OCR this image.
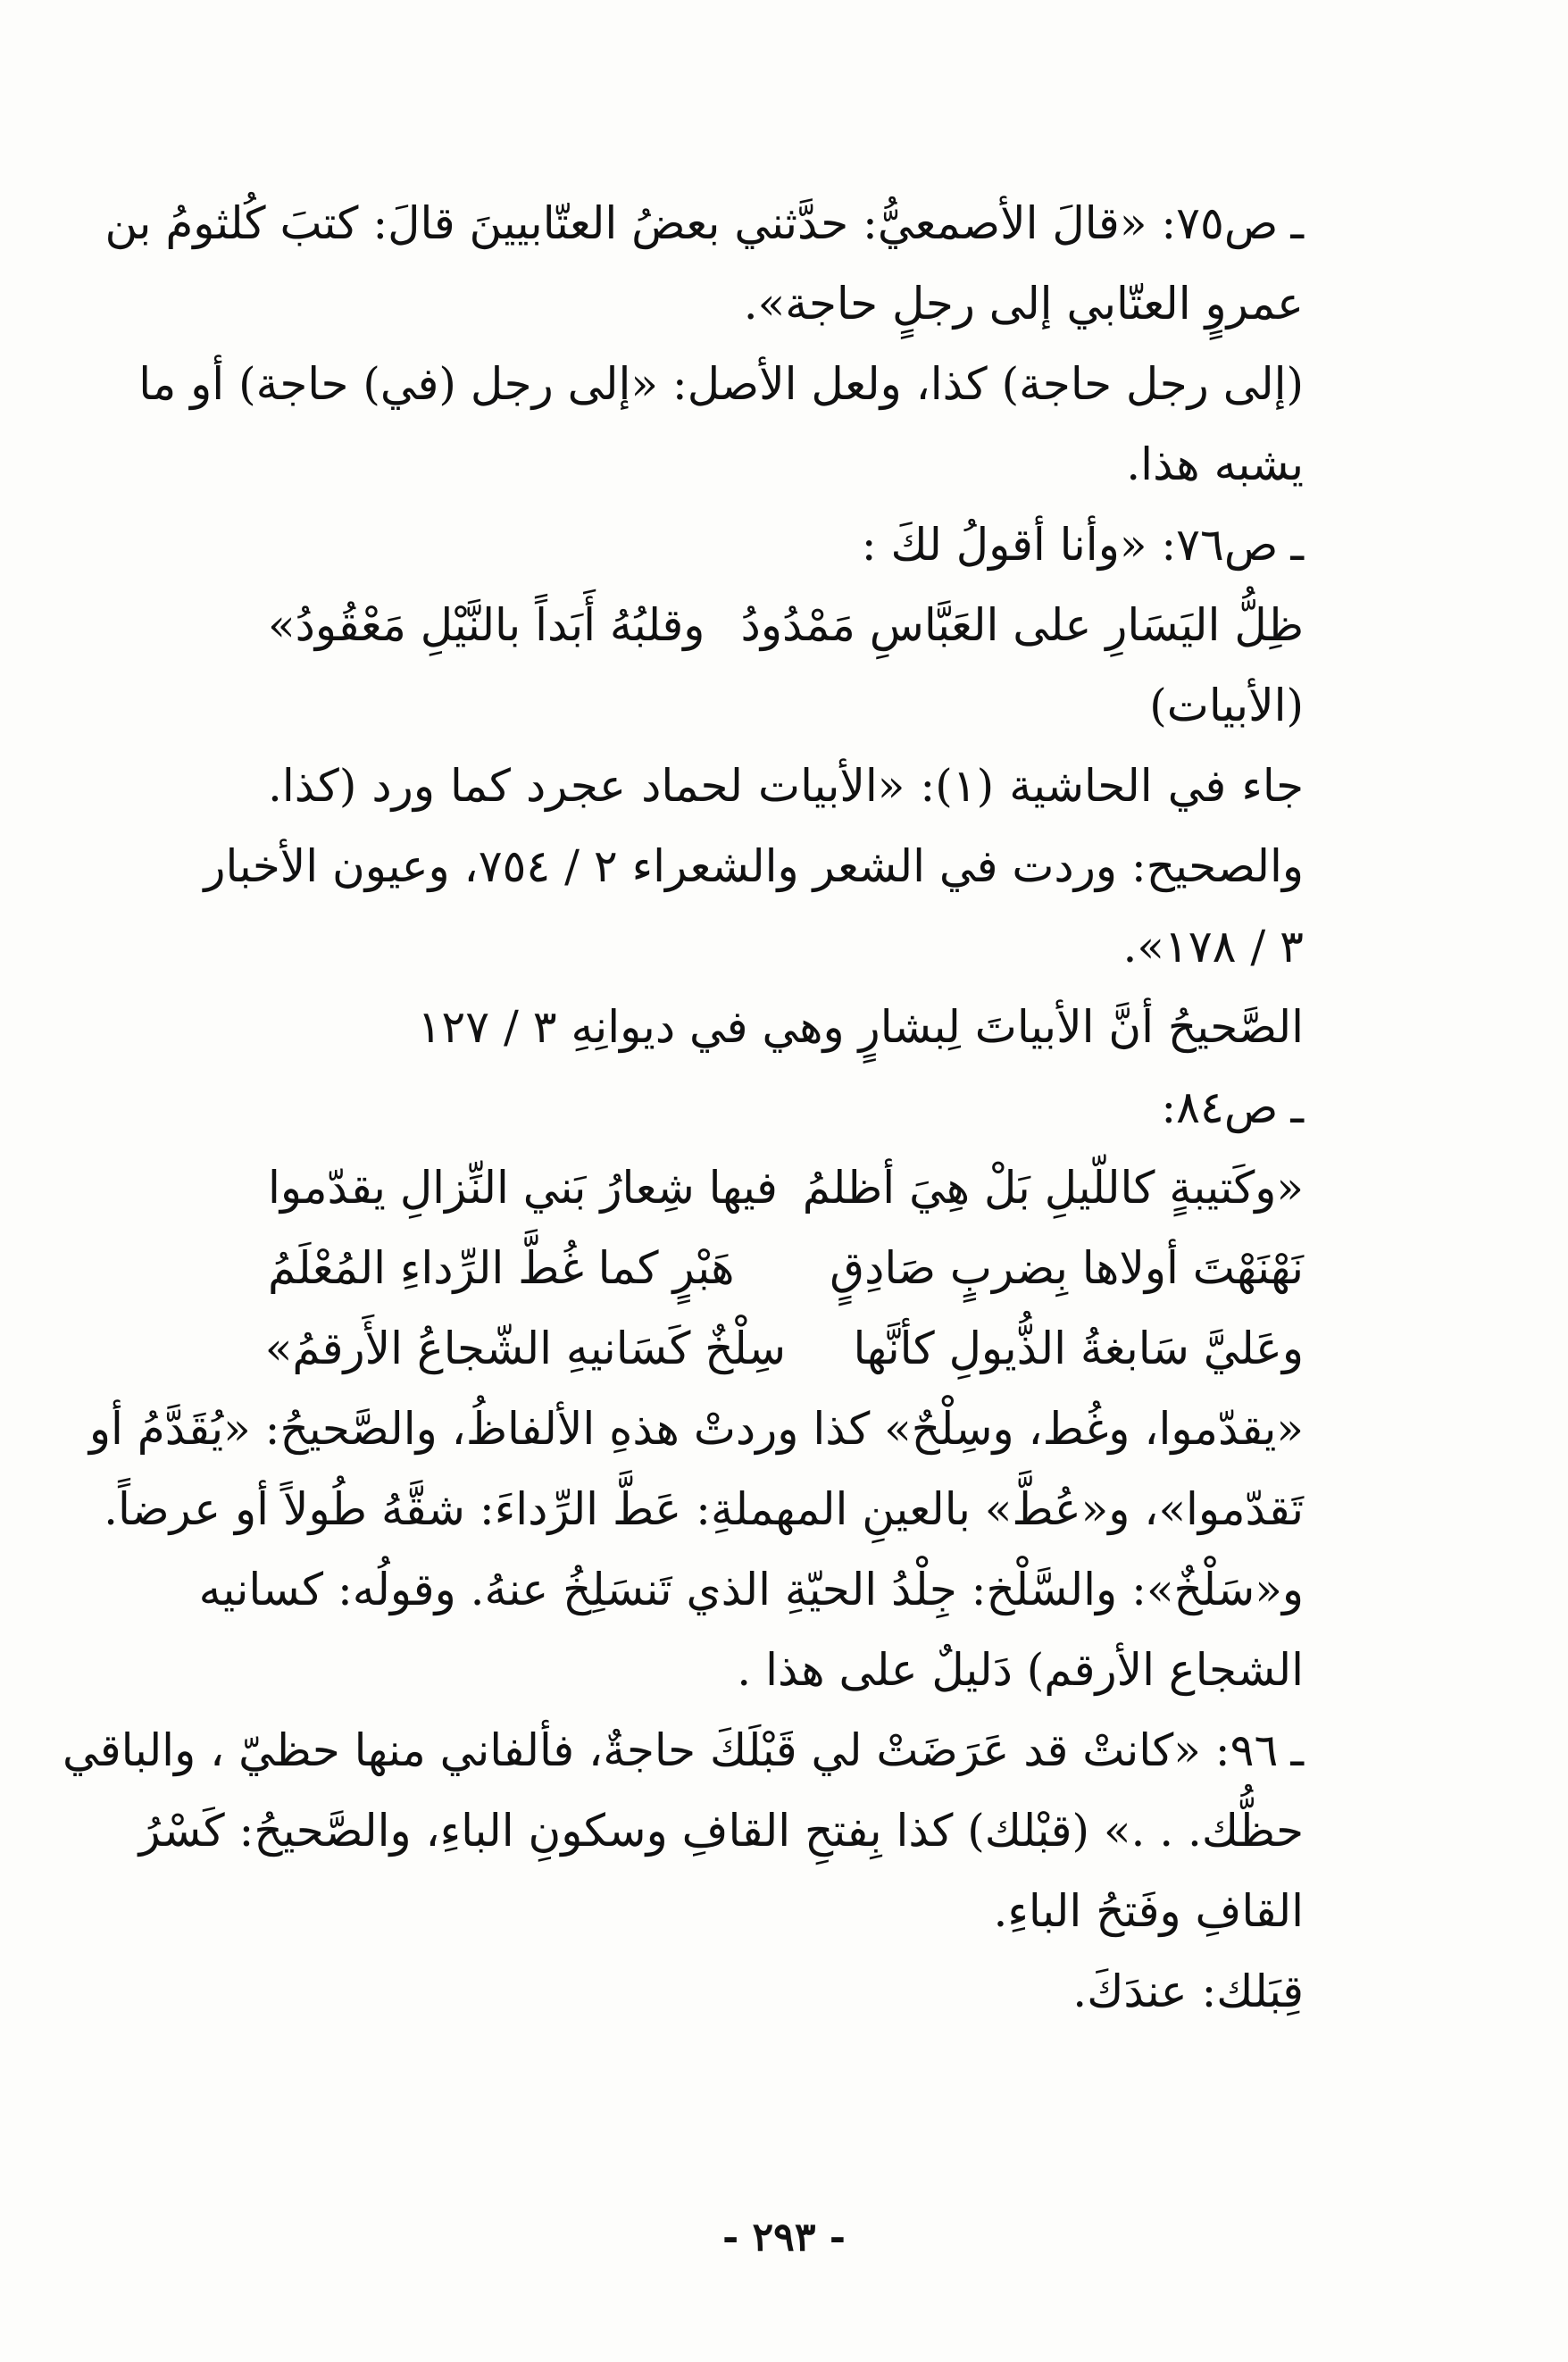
ـص٧٥: «قالَ الأصمعيُّ: حدَّثني بعضُ العتّابيينَ قالَ: كتبَ كُلثومُ بن
عمروٍ العتّابي إلى رجلٍ حاجة».
(إلى رجل حاجة) كذا، ولعل الأصل: «إلى رجل (في) حاجة) أو ما
يشبه هذا.
ـص٧٦: «وأنا أقولُ لكَ :
ظِلُّ اليَسَارِ على العَبَّاسِ مَمْدُودُ
وقلبُهُ أَبَداً بالنَّيْلِ مَعْقُودُ»
(الأبيات)
جاء في الحاشية (١): «الأبيات لحماد عجرد كما ورد (كذا.
والصحيح: وردت في الشعر والشعراء ٢ / ٧٥٤، وعيون الأخبار
٣ / ١٧٨».
الصَّحيحُ أنَّ الأبياتَ لِبشارٍ وهي في ديوانِهِ ٣ / ١٢٧
ـص٨٤:
«وكَتيبةٍ كاللّيلِ بَلْ هِيَ أظلمُ
فيها شِعارُ بَني النِّزالِ يقدّموا
نَهْنَهْتَ أولاها بِضربٍ صَادِقٍ
هَبْرٍ كما غُطَّ الرِّداءِ المُعْلَمُ
وعَليَّ سَابغةُ الذُّيولِ كأنَّها
سِلْخٌ كَسَانيهِ الشّجاعُ الأَرقمُ»
«يقدّموا، وغُط، وسِلْحٌ» كذا وردتْ هذهِ الألفاظُ، والصَّحيحُ: «يُقَدَّمُ أو
تَقدّموا»، و«عُطَّ» بالعينِ المهملةِ: عَطَّ الرِّداءَ: شقَّهُ طُولاً أو عرضاً.
و«سَلْخٌ»: والسَّلْخ: جِلْدُ الحيّةِ الذي تَنسَلِخُ عنهُ. وقولُه: كسانيه
الشجاع الأرقم) دَليلٌ على هذا .
ـ٩٦: «كانتْ قد عَرَضَتْ لي قَبْلَكَ حاجةٌ، فألفاني منها حظيّ ، والباقي
حظُّك. . .» (قبْلك) كذا بِفتحِ القافِ وسكونِ الباءِ، والصَّحيحُ: كَسْرُ
القافِ وفَتحُ الباءِ.
قِبَلك: عندَكَ.
- ٢٩٣ -
